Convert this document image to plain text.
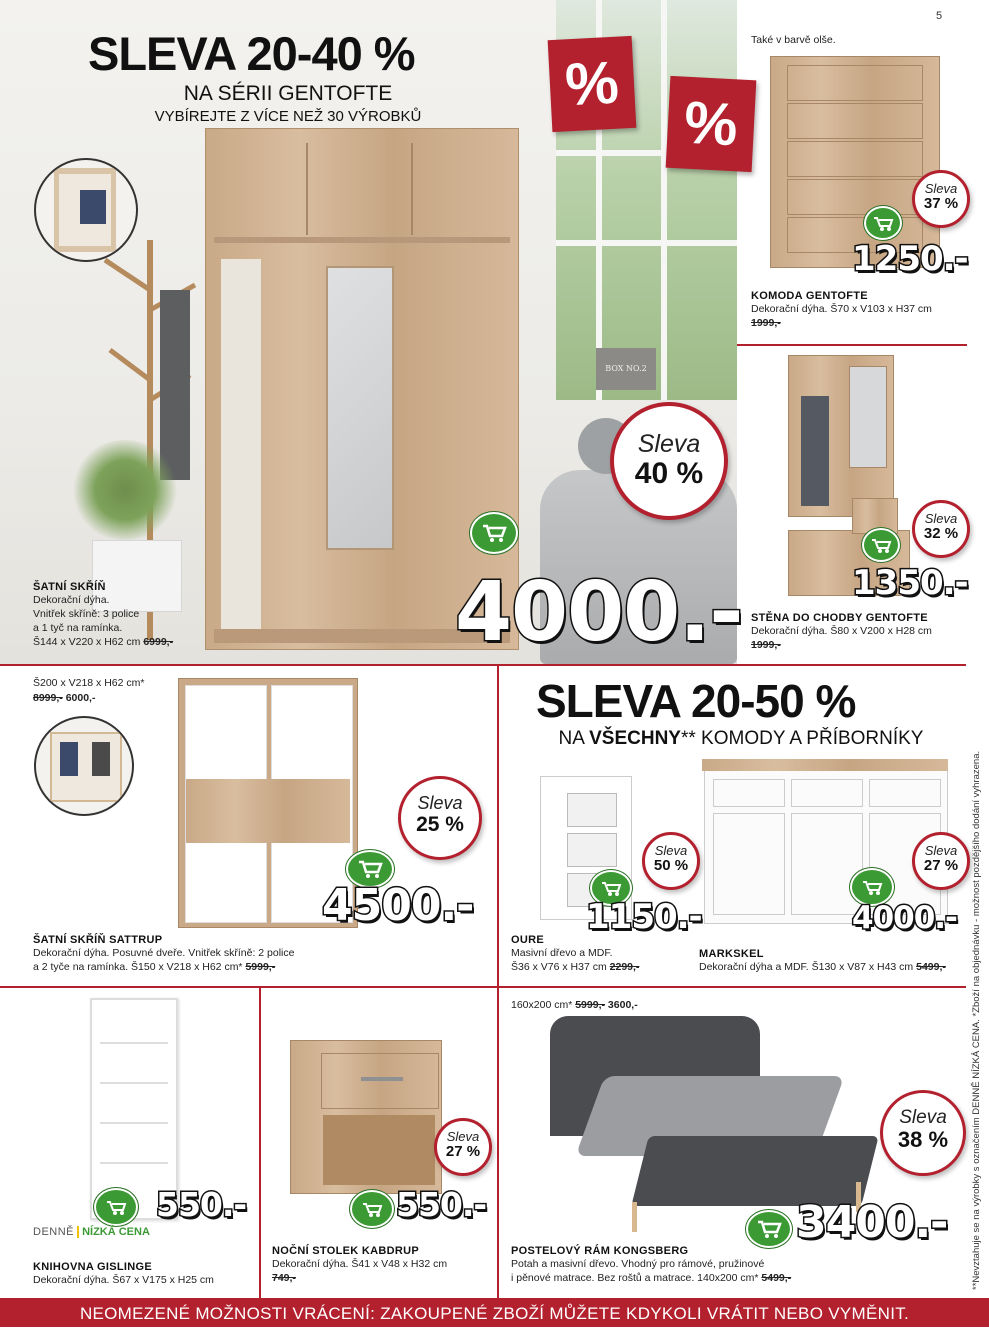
BOX NO.2
SLEVA 20-40 %
NA SÉRII GENTOFTE
VYBÍREJTE Z VÍCE NEŽ 30 VÝROBKŮ	%
%
Sleva
40 %
4000.-
ŠATNÍ SKŘÍŇ
Dekorační dýha.
Vnitřek skříně: 3 police
a 1 tyč na ramínka.
Š144 x V220 x H62 cm 6999,-
5
Také v barvě olše.
Sleva
37 %
1250.-
KOMODA GENTOFTE
Dekorační dýha. Š70 x V103 x H37 cm
1999,-
Sleva
32 %
1350.-
STĚNA DO CHODBY GENTOFTE
Dekorační dýha. Š80 x V200 x H28 cm
1999,-
Š200 x V218 x H62 cm*
8999,- 6000,-
Sleva
25 %
4500.-
ŠATNÍ SKŘÍŇ SATTRUP
Dekorační dýha. Posuvné dveře. Vnitřek skříně: 2 police
a 2 tyče na ramínka. Š150 x V218 x H62 cm* 5999,-
SLEVA 20-50 %
NA VŠECHNY** KOMODY A PŘÍBORNÍKY
Sleva
50 %
1150.-
OURE
Masivní dřevo a MDF.
Š36 x V76 x H37 cm 2299,-
Sleva
27 %
4000.-
MARKSKEL
Dekorační dýha a MDF. Š130 x V87 x H43 cm 5499,-
550.-
DENNĚ NÍZKÁ CENA
KNIHOVNA GISLINGE
Dekorační dýha. Š67 x V175 x H25 cm
Sleva
27 %
550.-
NOČNÍ STOLEK KABDRUP
Dekorační dýha. Š41 x V48 x H32 cm
749,-
160x200 cm* 5999,- 3600,-
Sleva
38 %
3400.-
POSTELOVÝ RÁM KONGSBERG
Potah a masivní dřevo. Vhodný pro rámové, pružinové
i pěnové matrace. Bez roštů a matrace. 140x200 cm* 5499,-	**Nevztahuje se na výrobky s označením DENNĚ NÍZKÁ CENA. *Zboží na objednávku - možnost pozdějšího dodání vyhrazena.
NEOMEZENÉ MOŽNOSTI VRÁCENÍ: ZAKOUPENÉ ZBOŽÍ MŮŽETE KDYKOLI VRÁTIT NEBO VYMĚNIT.
